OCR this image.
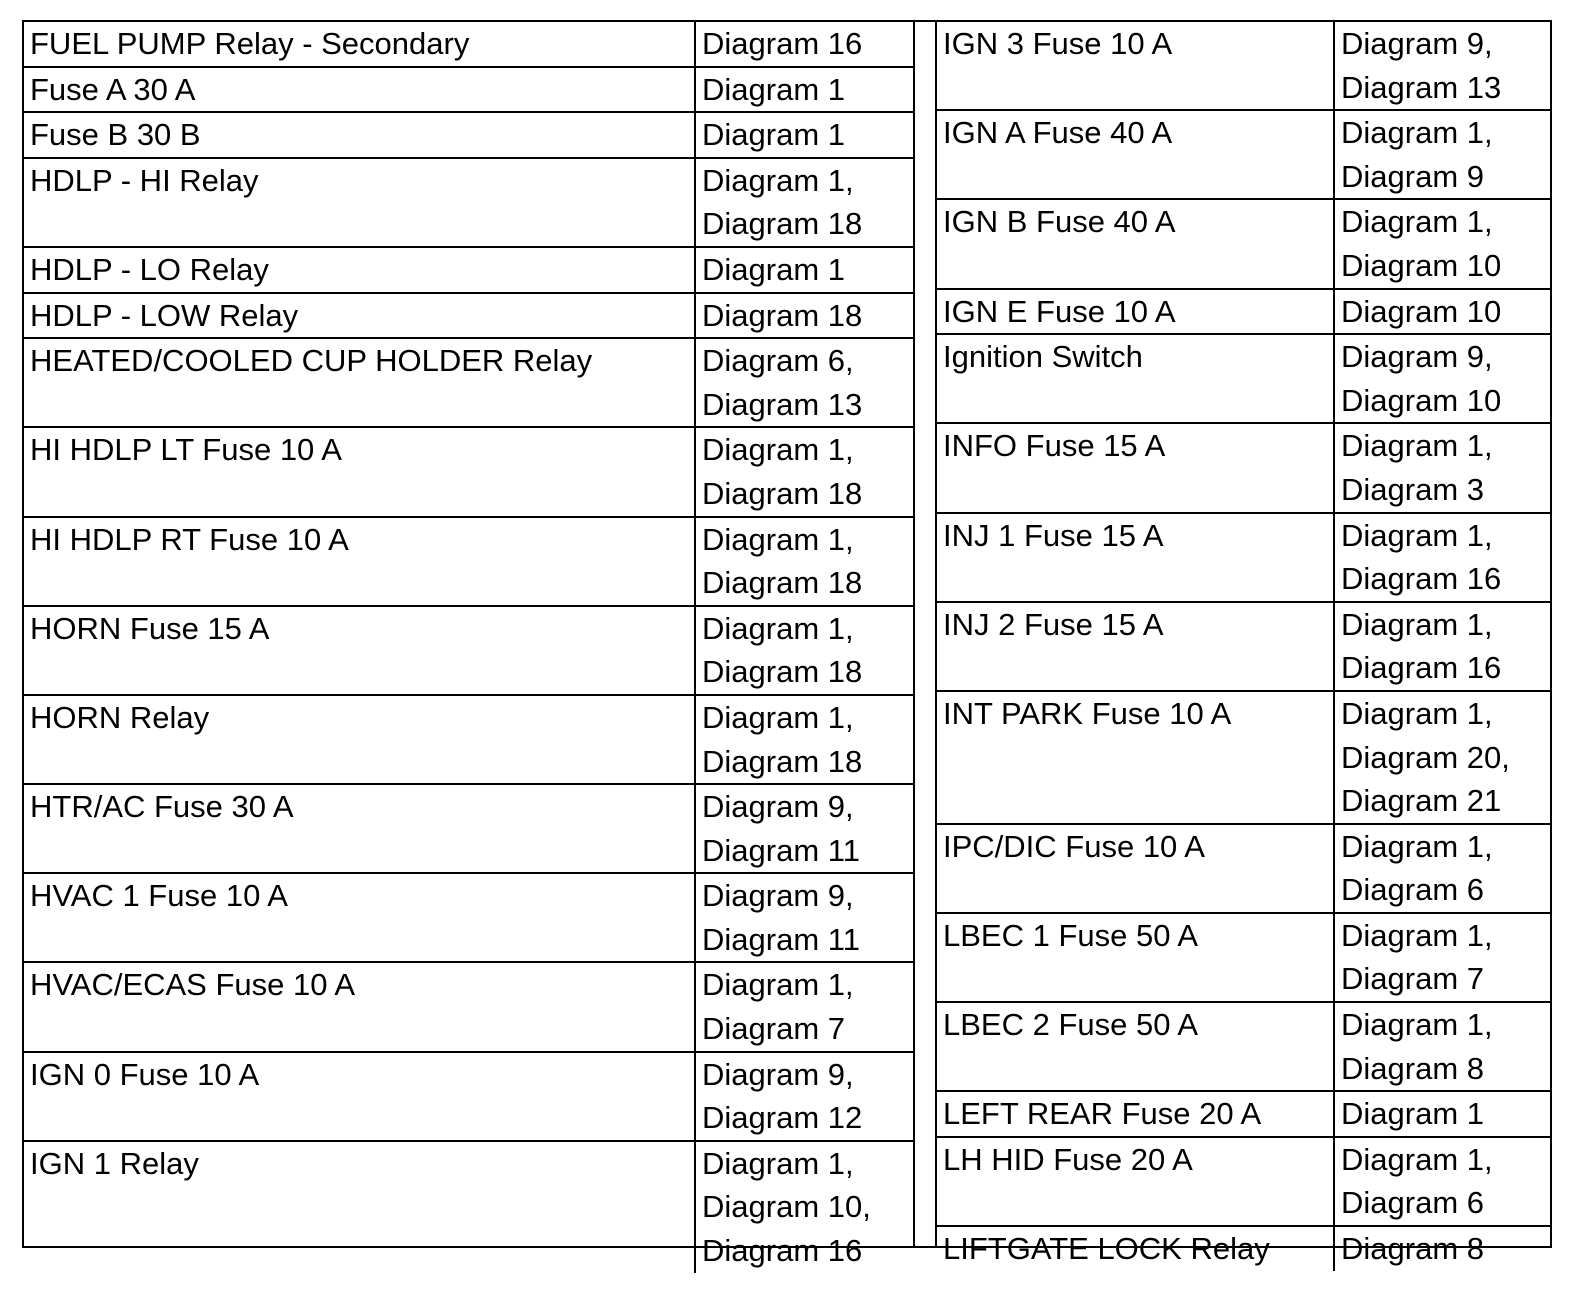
FUEL PUMP Relay - Secondary	Diagram 16

Fuse A 30 A	Diagram 1

Fuse B 30 B	Diagram 1

HDLP - HI Relay	Diagram 1,
Diagram 18

HDLP - LO Relay	Diagram 1

HDLP - LOW Relay	Diagram 18

HEATED/COOLED CUP HOLDER Relay	Diagram 6,
Diagram 13

HI HDLP LT Fuse 10 A	Diagram 1,
Diagram 18

HI HDLP RT Fuse 10 A	Diagram 1,
Diagram 18

HORN Fuse 15 A	Diagram 1,
Diagram 18

HORN Relay	Diagram 1,
Diagram 18

HTR/AC Fuse 30 A	Diagram 9,
Diagram 11

HVAC 1 Fuse 10 A	Diagram 9,
Diagram 11

HVAC/ECAS Fuse 10 A	Diagram 1,
Diagram 7

IGN 0 Fuse 10 A	Diagram 9,
Diagram 12

IGN 1 Relay	Diagram 1,
Diagram 10,
Diagram 16
IGN 3 Fuse 10 A	Diagram 9,
Diagram 13

IGN A Fuse 40 A	Diagram 1,
Diagram 9

IGN B Fuse 40 A	Diagram 1,
Diagram 10

IGN E Fuse 10 A	Diagram 10

Ignition Switch	Diagram 9,
Diagram 10

INFO Fuse 15 A	Diagram 1,
Diagram 3

INJ 1 Fuse 15 A	Diagram 1,
Diagram 16

INJ 2 Fuse 15 A	Diagram 1,
Diagram 16

INT PARK Fuse 10 A	Diagram 1,
Diagram 20,
Diagram 21

IPC/DIC Fuse 10 A	Diagram 1,
Diagram 6

LBEC 1 Fuse 50 A	Diagram 1,
Diagram 7

LBEC 2 Fuse 50 A	Diagram 1,
Diagram 8

LEFT REAR Fuse 20 A	Diagram 1

LH HID Fuse 20 A	Diagram 1,
Diagram 6

LIFTGATE LOCK Relay	Diagram 8
